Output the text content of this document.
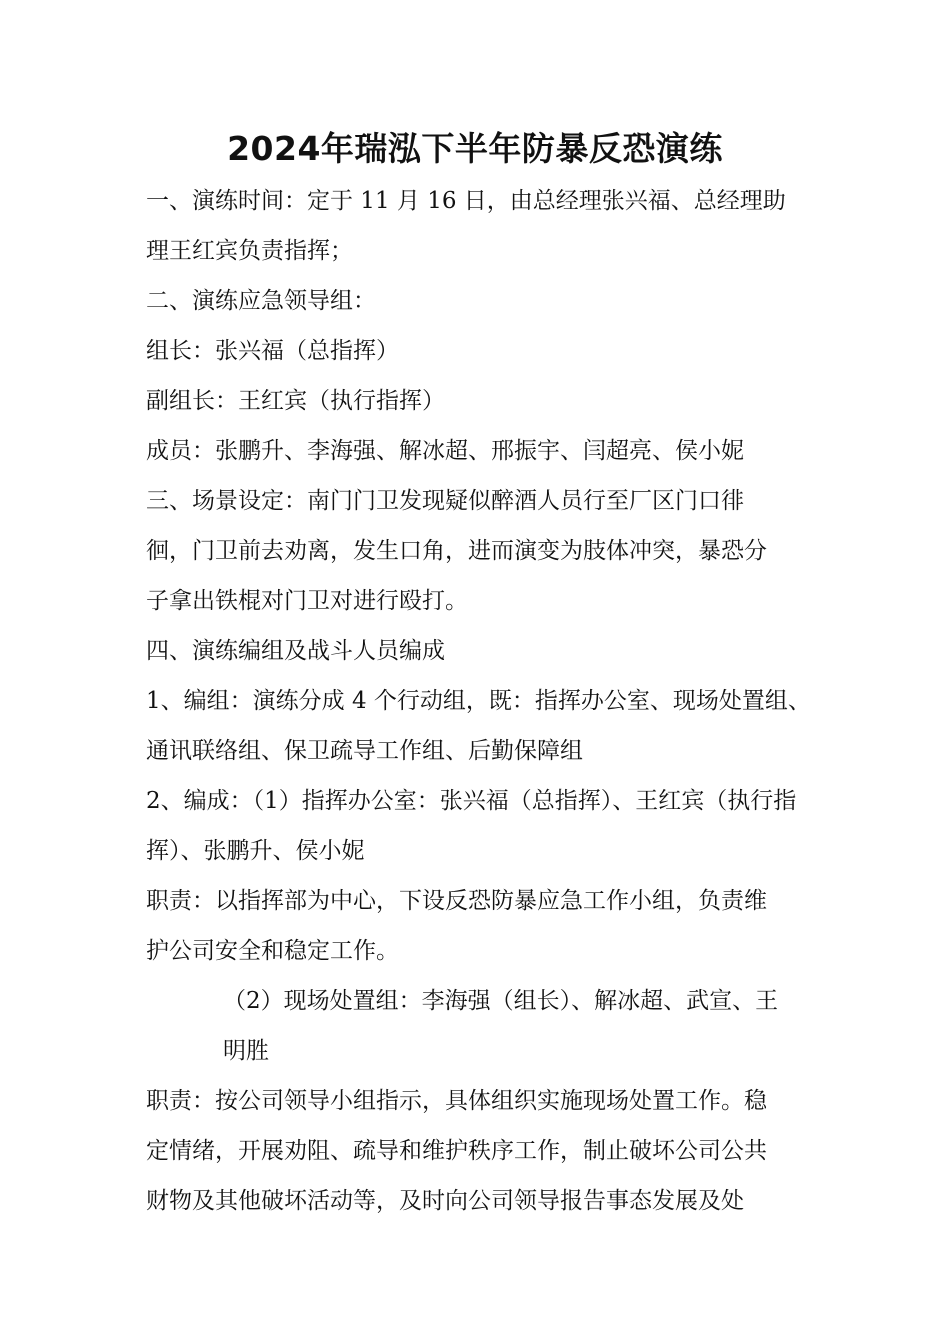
2024年瑞泓下半年防暴反恐演练
一、演练时间：定于 11 月 16 日，由总经理张兴福、总经理助
理王红宾负责指挥；
二、演练应急领导组：
组长：张兴福（总指挥）
副组长：王红宾（执行指挥）
成员：张鹏升、李海强、解冰超、邢振宇、闫超亮、侯小妮
三、场景设定：南门门卫发现疑似醉酒人员行至厂区门口徘
徊，门卫前去劝离，发生口角，进而演变为肢体冲突，暴恐分
子拿出铁棍对门卫对进行殴打。
四、演练编组及战斗人员编成
1、编组：演练分成 4 个行动组，既：指挥办公室、现场处置组、
通讯联络组、保卫疏导工作组、后勤保障组
2、编成：（1）指挥办公室：张兴福（总指挥）、王红宾（执行指
挥）、张鹏升、侯小妮
职责：以指挥部为中心，下设反恐防暴应急工作小组，负责维
护公司安全和稳定工作。
（2）现场处置组：李海强（组长）、解冰超、武宣、王
明胜
职责：按公司领导小组指示，具体组织实施现场处置工作。稳
定情绪，开展劝阻、疏导和维护秩序工作，制止破坏公司公共
财物及其他破坏活动等，及时向公司领导报告事态发展及处
